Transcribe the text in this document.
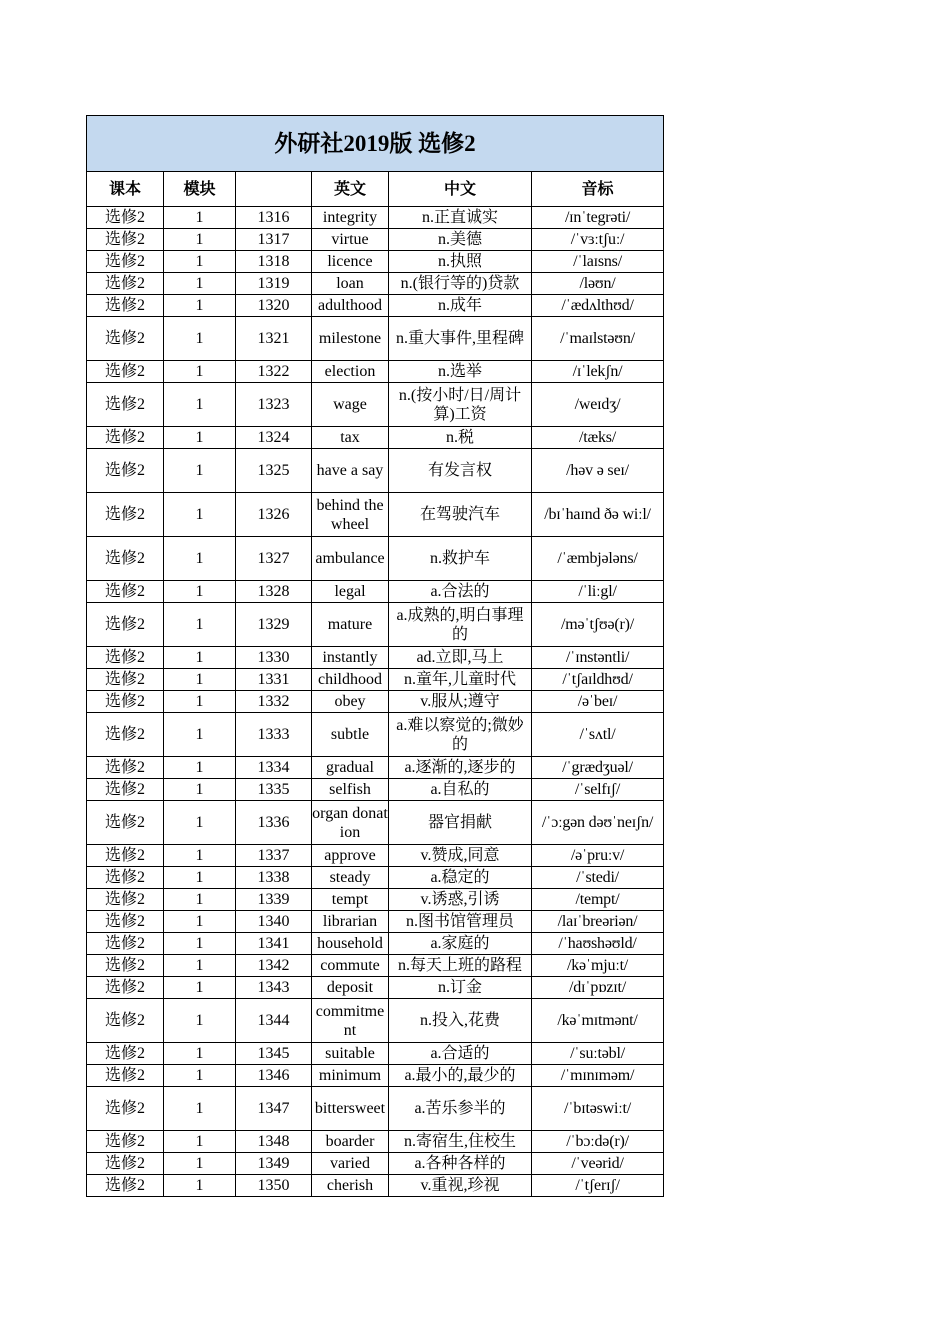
外研社2019版 选修2					
课本	模块		英文	中文	音标
选修2	1	1316	integrity	n.正直诚实	/ɪnˈtegrəti/
选修2	1	1317	virtue	n.美德	/ˈvɜːtʃuː/
选修2	1	1318	licence	n.执照	/ˈlaɪsns/
选修2	1	1319	loan	n.(银行等的)贷款	/ləʊn/
选修2	1	1320	adulthood	n.成年	/ˈædʌlthʊd/
选修2	1	1321	milestone	n.重大事件,里程碑	/ˈmaɪlstəʊn/
选修2	1	1322	election	n.选举	/ɪˈlekʃn/
选修2	1	1323	wage	n.(按小时/日/周计算)工资	/weɪdʒ/
选修2	1	1324	tax	n.税	/tæks/
选修2	1	1325	have a say	有发言权	/həv ə seɪ/
选修2	1	1326	behind the wheel	在驾驶汽车	/bɪˈhaɪnd ðə wiːl/
选修2	1	1327	ambulance	n.救护车	/ˈæmbjələns/
选修2	1	1328	legal	a.合法的	/ˈliːgl/
选修2	1	1329	mature	a.成熟的,明白事理的	/məˈtʃʊə(r)/
选修2	1	1330	instantly	ad.立即,马上	/ˈɪnstəntli/
选修2	1	1331	childhood	n.童年,儿童时代	/ˈtʃaɪldhʊd/
选修2	1	1332	obey	v.服从;遵守	/əˈbeɪ/
选修2	1	1333	subtle	a.难以察觉的;微妙的	/ˈsʌtl/
选修2	1	1334	gradual	a.逐渐的,逐步的	/ˈgrædʒuəl/
选修2	1	1335	selfish	a.自私的	/ˈselfɪʃ/
选修2	1	1336	organ donation	器官捐献	/ˈɔːgən dəʊˈneɪʃn/
选修2	1	1337	approve	v.赞成,同意	/əˈpruːv/
选修2	1	1338	steady	a.稳定的	/ˈstedi/
选修2	1	1339	tempt	v.诱惑,引诱	/tempt/
选修2	1	1340	librarian	n.图书馆管理员	/laɪˈbreəriən/
选修2	1	1341	household	a.家庭的	/ˈhaʊshəʊld/
选修2	1	1342	commute	n.每天上班的路程	/kəˈmjuːt/
选修2	1	1343	deposit	n.订金	/dɪˈpɒzɪt/
选修2	1	1344	commitment	n.投入,花费	/kəˈmɪtmənt/
选修2	1	1345	suitable	a.合适的	/ˈsuːtəbl/
选修2	1	1346	minimum	a.最小的,最少的	/ˈmɪnɪməm/
选修2	1	1347	bittersweet	a.苦乐参半的	/ˈbɪtəswiːt/
选修2	1	1348	boarder	n.寄宿生,住校生	/ˈbɔːdə(r)/
选修2	1	1349	varied	a.各种各样的	/ˈveərid/
选修2	1	1350	cherish	v.重视,珍视	/ˈtʃerɪʃ/
